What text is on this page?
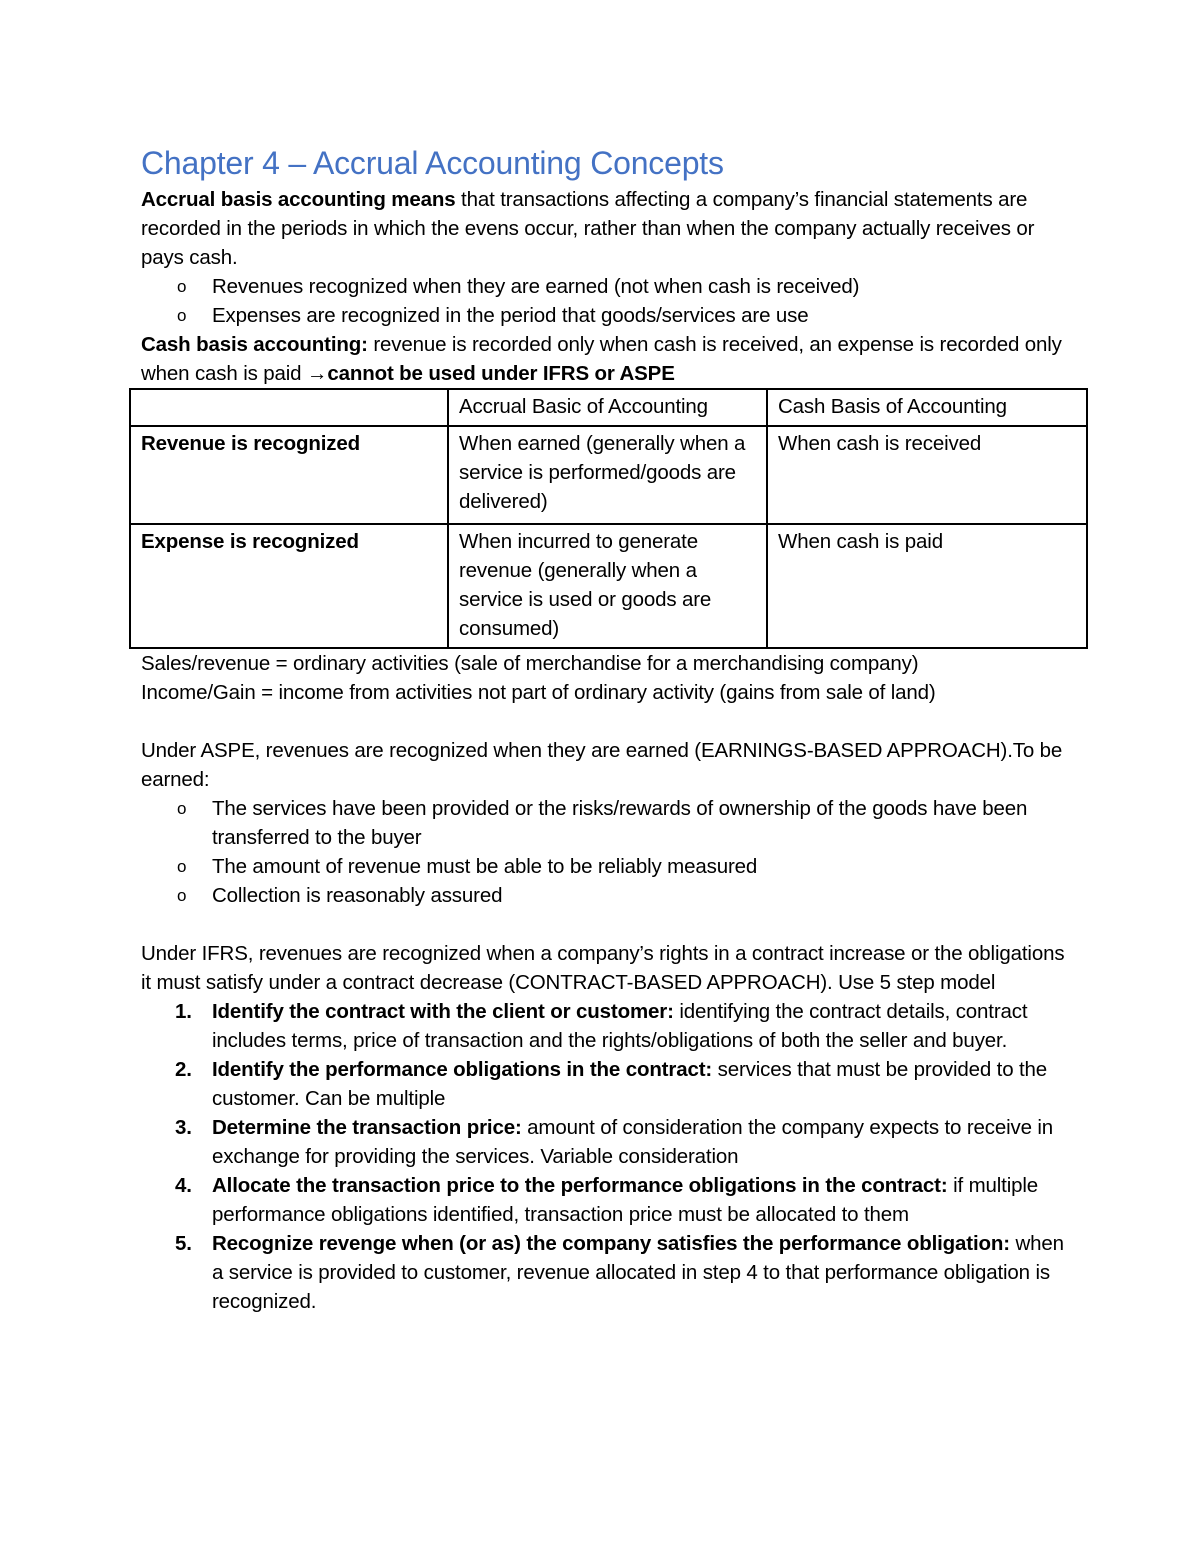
Chapter 4 – Accrual Accounting Concepts

Accrual basis accounting means that transactions affecting a company’s financial statements are recorded in the periods in which the evens occur, rather than when the company actually receives or pays cash.

o Revenues recognized when they are earned (not when cash is received)
o Expenses are recognized in the period that goods/services are use

Cash basis accounting: revenue is recorded only when cash is received, an expense is recorded only when cash is paid →cannot be used under IFRS or ASPE

	Accrual Basic of Accounting	Cash Basis of Accounting
Revenue is recognized	When earned (generally when a service is performed/goods are delivered)	When cash is received
Expense is recognized	When incurred to generate revenue (generally when a service is used or goods are consumed)	When cash is paid

Sales/revenue = ordinary activities (sale of merchandise for a merchandising company)

Income/Gain = income from activities not part of ordinary activity (gains from sale of land)

Under ASPE, revenues are recognized when they are earned (EARNINGS-BASED APPROACH).To be earned:

o The services have been provided or the risks/rewards of ownership of the goods have been transferred to the buyer
o The amount of revenue must be able to be reliably measured
o Collection is reasonably assured

Under IFRS, revenues are recognized when a company’s rights in a contract increase or the obligations it must satisfy under a contract decrease (CONTRACT-BASED APPROACH). Use 5 step model

1. Identify the contract with the client or customer: identifying the contract details, contract includes terms, price of transaction and the rights/obligations of both the seller and buyer.
2. Identify the performance obligations in the contract: services that must be provided to the customer. Can be multiple
3. Determine the transaction price: amount of consideration the company expects to receive in exchange for providing the services. Variable consideration
4. Allocate the transaction price to the performance obligations in the contract: if multiple performance obligations identified, transaction price must be allocated to them
5. Recognize revenge when (or as) the company satisfies the performance obligation: when a service is provided to customer, revenue allocated in step 4 to that performance obligation is recognized.
